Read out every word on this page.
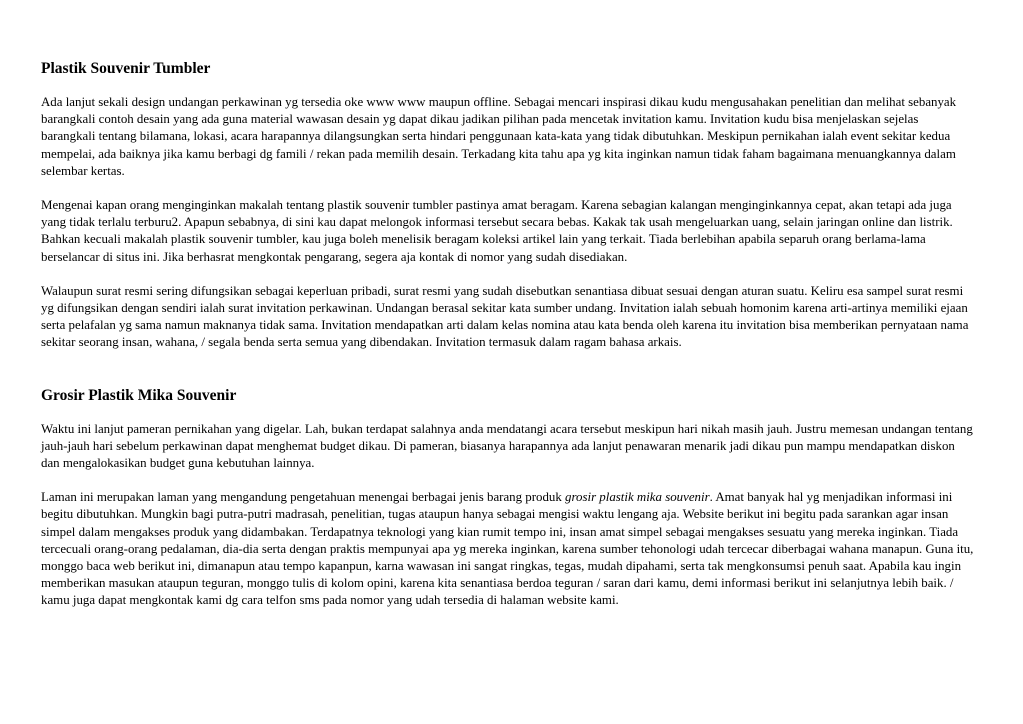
Plastik Souvenir Tumbler

Ada lanjut sekali design undangan perkawinan yg tersedia oke www www maupun offline. Sebagai mencari inspirasi dikau kudu mengusahakan penelitian dan melihat sebanyak barangkali contoh desain yang ada guna material wawasan desain yg dapat dikau jadikan pilihan pada mencetak invitation kamu. Invitation kudu bisa menjelaskan sejelas barangkali tentang bilamana, lokasi, acara harapannya dilangsungkan serta hindari penggunaan kata-kata yang tidak dibutuhkan. Meskipun pernikahan ialah event sekitar kedua mempelai, ada baiknya jika kamu berbagi dg famili / rekan pada memilih desain. Terkadang kita tahu apa yg kita inginkan namun tidak faham bagaimana menuangkannya dalam selembar kertas.

Mengenai kapan orang menginginkan makalah tentang plastik souvenir tumbler pastinya amat beragam. Karena sebagian kalangan menginginkannya cepat, akan tetapi ada juga yang tidak terlalu terburu2. Apapun sebabnya, di sini kau dapat melongok informasi tersebut secara bebas. Kakak tak usah mengeluarkan uang, selain jaringan online dan listrik. Bahkan kecuali makalah plastik souvenir tumbler, kau juga boleh menelisik beragam koleksi artikel lain yang terkait. Tiada berlebihan apabila separuh orang berlama-lama berselancar di situs ini. Jika berhasrat mengkontak pengarang, segera aja kontak di nomor yang sudah disediakan.

Walaupun surat resmi sering difungsikan sebagai keperluan pribadi, surat resmi yang sudah disebutkan senantiasa dibuat sesuai dengan aturan suatu. Keliru esa sampel surat resmi yg difungsikan dengan sendiri ialah surat invitation perkawinan. Undangan berasal sekitar kata sumber undang. Invitation ialah sebuah homonim karena arti-artinya memiliki ejaan serta pelafalan yg sama namun maknanya tidak sama. Invitation mendapatkan arti dalam kelas nomina atau kata benda oleh karena itu invitation bisa memberikan pernyataan nama sekitar seorang insan, wahana, / segala benda serta semua yang dibendakan. Invitation termasuk dalam ragam bahasa arkais.

Grosir Plastik Mika Souvenir

Waktu ini lanjut pameran pernikahan yang digelar. Lah, bukan terdapat salahnya anda mendatangi acara tersebut meskipun hari nikah masih jauh. Justru memesan undangan tentang jauh-jauh hari sebelum perkawinan dapat menghemat budget dikau. Di pameran, biasanya harapannya ada lanjut penawaran menarik jadi dikau pun mampu mendapatkan diskon dan mengalokasikan budget guna kebutuhan lainnya.

Laman ini merupakan laman yang mengandung pengetahuan menengai berbagai jenis barang produk grosir plastik mika souvenir. Amat banyak hal yg menjadikan informasi ini begitu dibutuhkan. Mungkin bagi putra-putri madrasah, penelitian, tugas ataupun hanya sebagai mengisi waktu lengang aja. Website berikut ini begitu pada sarankan agar insan simpel dalam mengakses produk yang didambakan. Terdapatnya teknologi yang kian rumit tempo ini, insan amat simpel sebagai mengakses sesuatu yang mereka inginkan. Tiada tercecuali orang-orang pedalaman, dia-dia serta dengan praktis mempunyai apa yg mereka inginkan, karena sumber tehonologi udah tercecar diberbagai wahana manapun. Guna itu, monggo baca web berikut ini, dimanapun atau tempo kapanpun, karna wawasan ini sangat ringkas, tegas, mudah dipahami, serta tak mengkonsumsi penuh saat. Apabila kau ingin memberikan masukan ataupun teguran, monggo tulis di kolom opini, karena kita senantiasa berdoa teguran / saran dari kamu, demi informasi berikut ini selanjutnya lebih baik. / kamu juga dapat mengkontak kami dg cara telfon sms pada nomor yang udah tersedia di halaman website kami.
